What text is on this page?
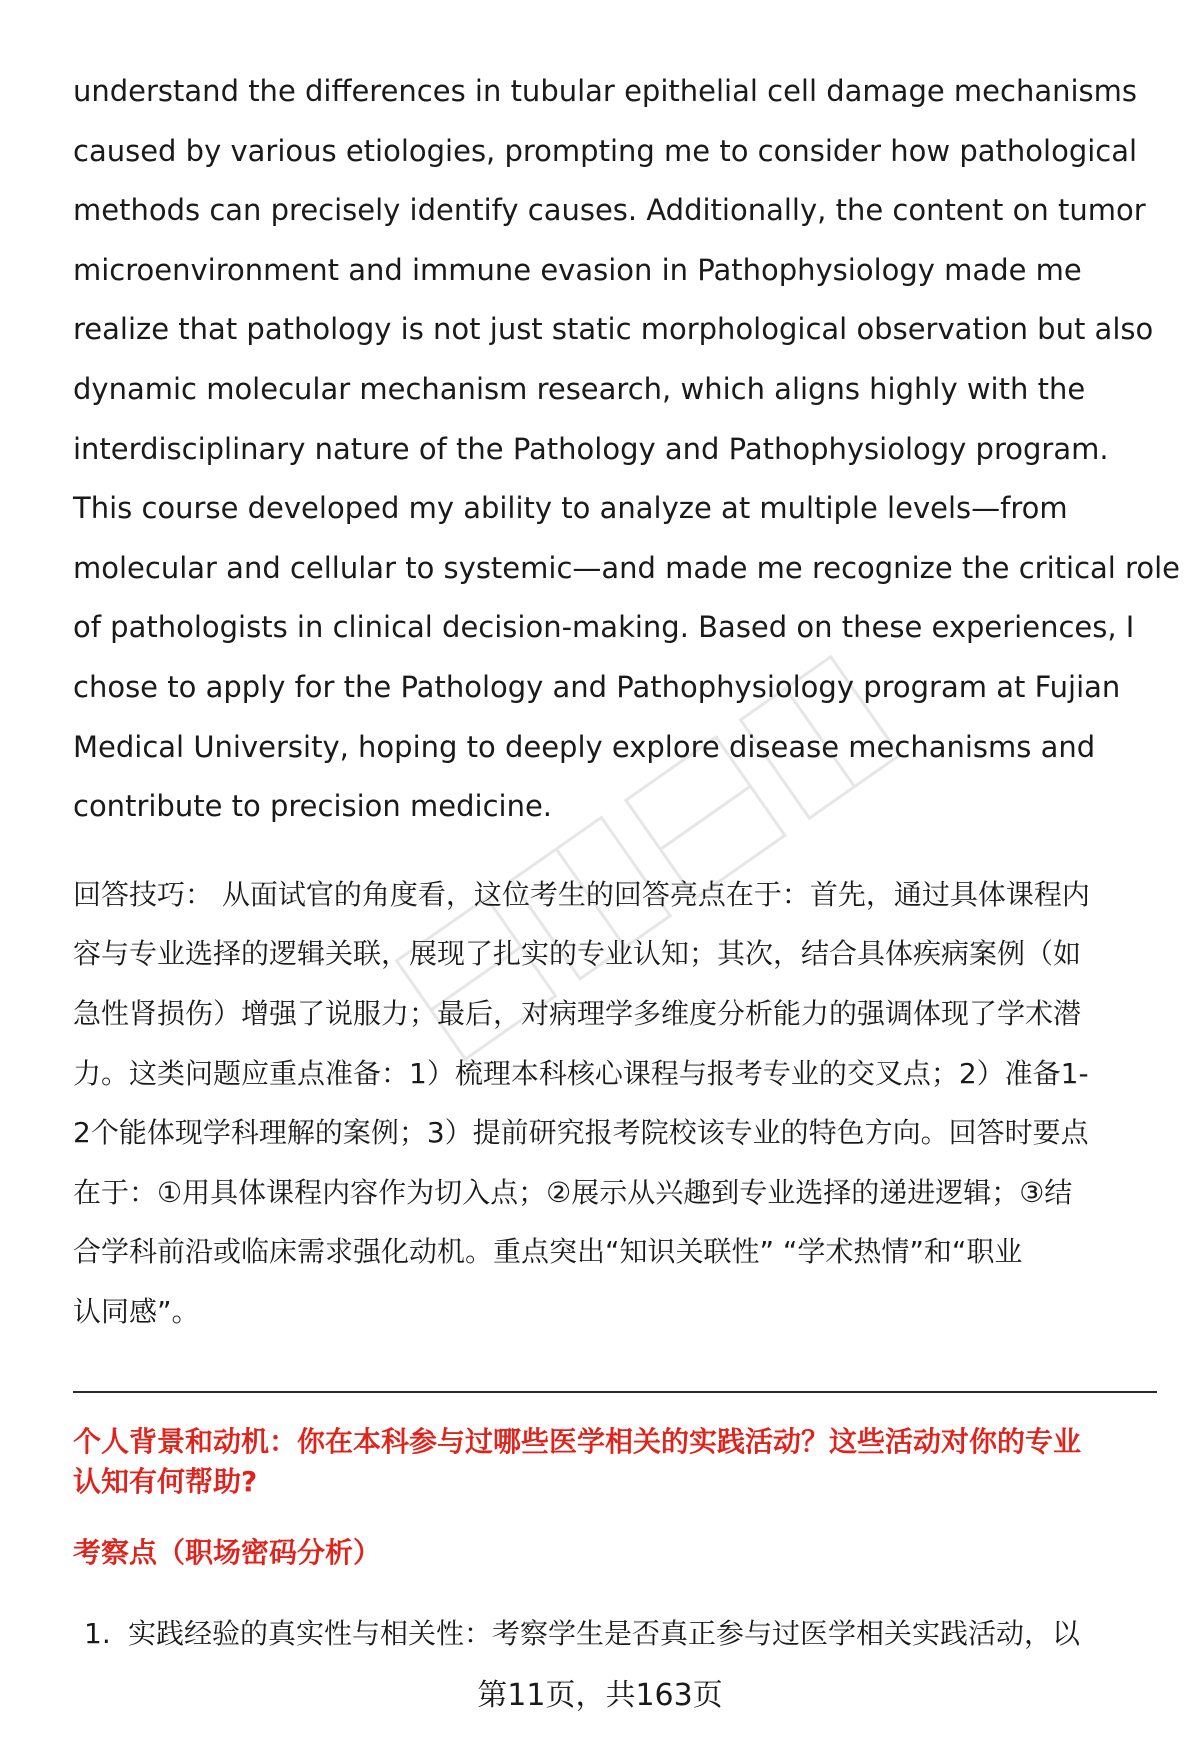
understand the differences in tubular epithelial cell damage mechanisms
caused by various etiologies, prompting me to consider how pathological
methods can precisely identify causes. Additionally, the content on tumor
microenvironment and immune evasion in Pathophysiology made me
realize that pathology is not just static morphological observation but also
dynamic molecular mechanism research, which aligns highly with the
interdisciplinary nature of the Pathology and Pathophysiology program.
This course developed my ability to analyze at multiple levels—from
molecular and cellular to systemic—and made me recognize the critical role
of pathologists in clinical decision-making. Based on these experiences, I
chose to apply for the Pathology and Pathophysiology program at Fujian
Medical University, hoping to deeply explore disease mechanisms and
contribute to precision medicine.

回答技巧： 从面试官的角度看，这位考生的回答亮点在于：首先，通过具体课程内
容与专业选择的逻辑关联，展现了扎实的专业认知；其次，结合具体疾病案例（如
急性肾损伤）增强了说服力；最后，对病理学多维度分析能力的强调体现了学术潜
力。这类问题应重点准备：1）梳理本科核心课程与报考专业的交叉点；2）准备1-
2个能体现学科理解的案例；3）提前研究报考院校该专业的特色方向。回答时要点
在于：①用具体课程内容作为切入点；②展示从兴趣到专业选择的递进逻辑；③结
合学科前沿或临床需求强化动机。重点突出“知识关联性” “学术热情”和“职业
认同感”。
个人背景和动机：你在本科参与过哪些医学相关的实践活动？这些活动对你的专业
认知有何帮助?
考察点（职场密码分析）
1. 实践经验的真实性与相关性：考察学生是否真正参与过医学相关实践活动，以
第11页，共163页
